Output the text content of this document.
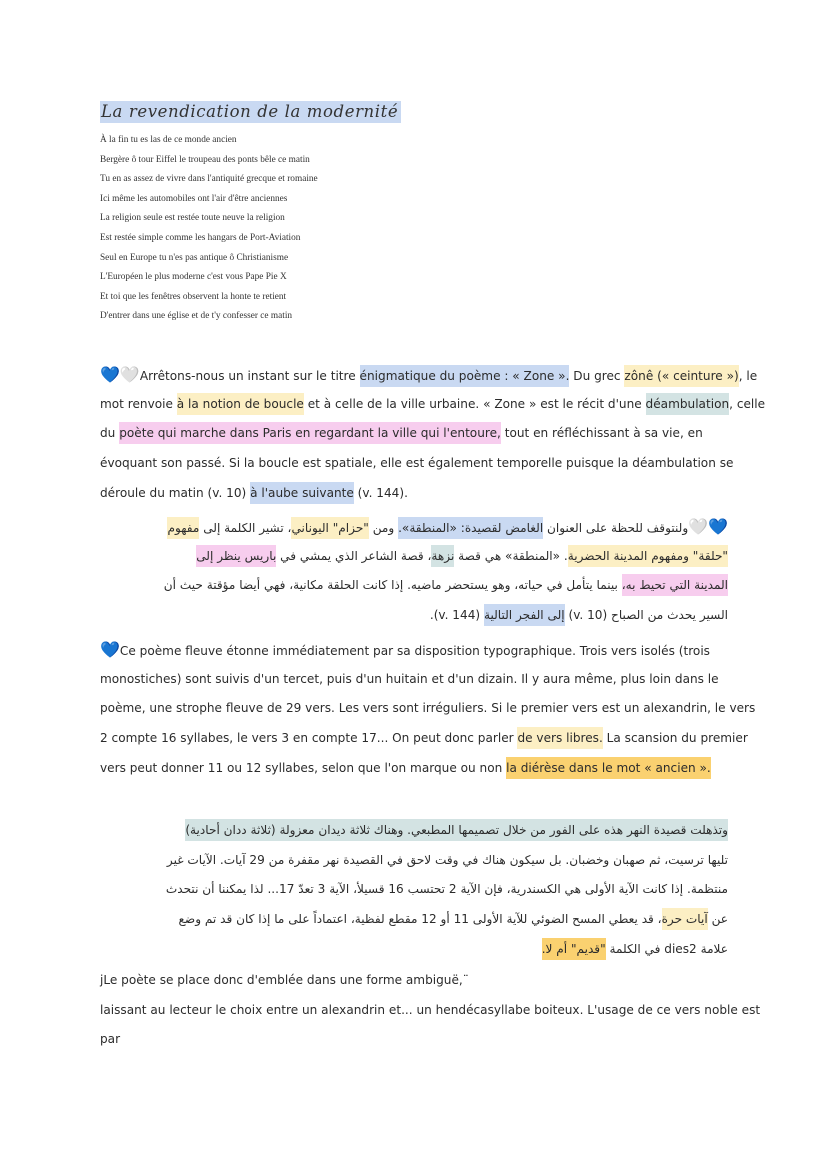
La revendication de la modernité
À la fin tu es las de ce monde ancien
Bergère ô tour Eiffel le troupeau des ponts bêle ce matin
Tu en as assez de vivre dans l'antiquité grecque et romaine
Ici même les automobiles ont l'air d'être anciennes
La religion seule est restée toute neuve la religion
Est restée simple comme les hangars de Port-Aviation
Seul en Europe tu n'es pas antique ô Christianisme
L'Européen le plus moderne c'est vous Pape Pie X
Et toi que les fenêtres observent la honte te retient
D'entrer dans une église et de t'y confesser ce matin
💙🤍Arrêtons-nous un instant sur le titre énigmatique du poème : « Zone ». Du grec zônê (« ceinture »), le
mot renvoie à la notion de boucle et à celle de la ville urbaine. « Zone » est le récit d'une déambulation, celle
du poète qui marche dans Paris en regardant la ville qui l'entoure, tout en réfléchissant à sa vie, en
évoquant son passé. Si la boucle est spatiale, elle est également temporelle puisque la déambulation se
déroule du matin (v. 10) à l'aube suivante (v. 144).
💙🤍ولنتوقف للحظة على العنوان الغامض لقصيدة: «المنطقة». ومن "حزام" اليوناني، تشير الكلمة إلى مفهوم
"حلقة" ومفهوم المدينة الحضرية. «المنطقة» هي قصة نزهة، قصة الشاعر الذي يمشي في باريس ينظر إلى
المدينة التي تحيط به، بينما يتأمل في حياته، وهو يستحضر ماضيه. إذا كانت الحلقة مكانية، فهي أيضا مؤقتة حيث أن
السير يحدث من الصباح (v. 10) إلى الفجر التالية (v. 144).
💙Ce poème fleuve étonne immédiatement par sa disposition typographique. Trois vers isolés (trois
monostiches) sont suivis d'un tercet, puis d'un huitain et d'un dizain. Il y aura même, plus loin dans le
poème, une strophe fleuve de 29 vers. Les vers sont irréguliers. Si le premier vers est un alexandrin, le vers
2 compte 16 syllabes, le vers 3 en compte 17... On peut donc parler de vers libres. La scansion du premier
vers peut donner 11 ou 12 syllabes, selon que l'on marque ou non la diérèse dans le mot « ancien ».
وتذهلت قصيدة النهر هذه على الفور من خلال تصميمها المطبعي. وهناك ثلاثة ديدان معزولة (ثلاثة ددان أحادية)
تليها ترسيت، ثم صهبان وخضبان. بل سيكون هناك في وقت لاحق في القصيدة نهر مقفرة من 29 آيات. الآيات غير
منتظمة. إذا كانت الآية الأولى هي الكسندرية، فإن الآية 2 تحتسب 16 قسيلأ، الآية 3 تعدّ 17... لذا يمكننا أن نتحدث
عن آيات حرة، قد يعطي المسح الضوئي للآية الأولى 11 أو 12 مقطع لفظية، اعتماداً على ما إذا كان قد تم وضع
علامة dies2 في الكلمة "قديم" أم لا.
jLe poète se place donc d'emblée dans une forme ambiguë,¨
laissant au lecteur le choix entre un alexandrin et... un hendécasyllabe boiteux. L'usage de ce vers noble est
par
